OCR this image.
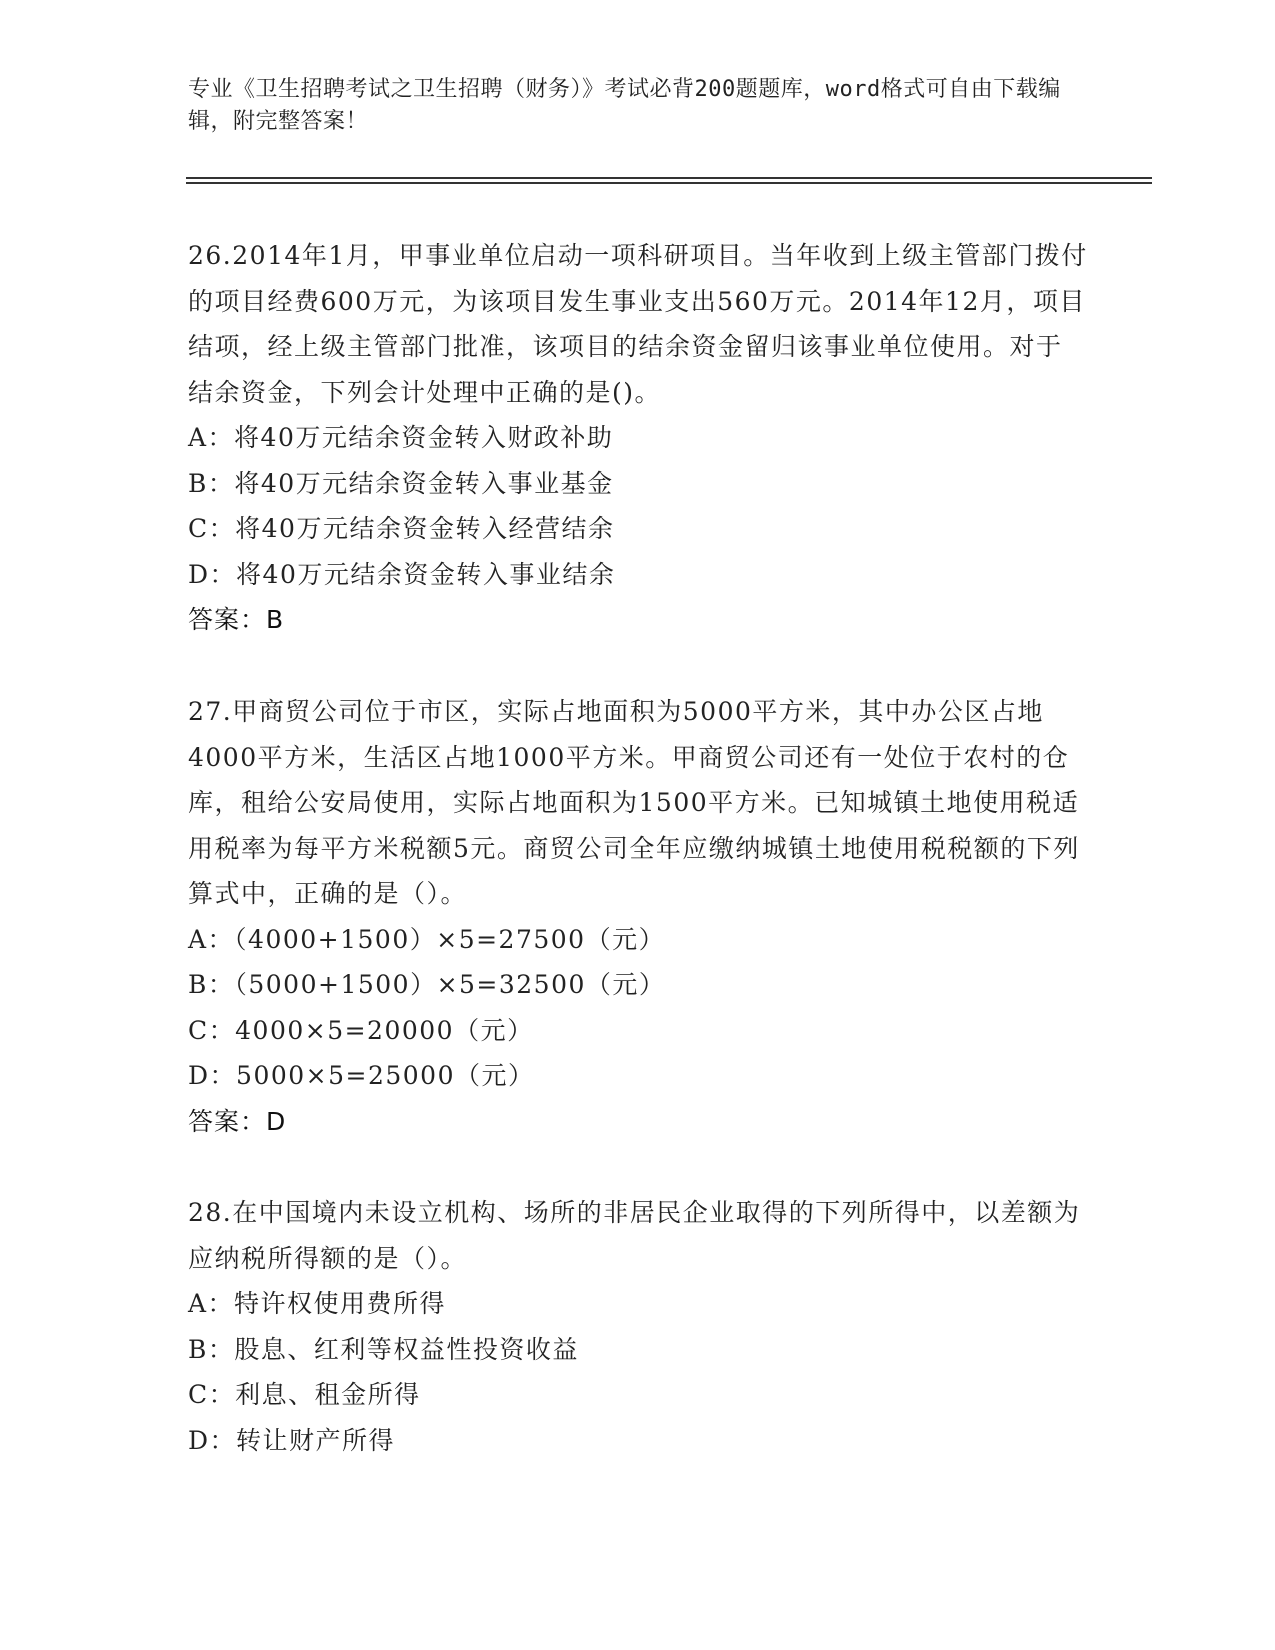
专业《卫生招聘考试之卫生招聘（财务）》考试必背200题题库，word格式可自由下载编辑，附完整答案！
26.2014年1月，甲事业单位启动一项科研项目。当年收到上级主管部门拨付的项目经费600万元，为该项目发生事业支出560万元。2014年12月，项目结项，经上级主管部门批准，该项目的结余资金留归该事业单位使用。对于结余资金，下列会计处理中正确的是()。
A：将40万元结余资金转入财政补助
B：将40万元结余资金转入事业基金
C：将40万元结余资金转入经营结余
D：将40万元结余资金转入事业结余
答案：B
27.甲商贸公司位于市区，实际占地面积为5000平方米，其中办公区占地4000平方米，生活区占地1000平方米。甲商贸公司还有一处位于农村的仓库，租给公安局使用，实际占地面积为1500平方米。已知城镇土地使用税适用税率为每平方米税额5元。商贸公司全年应缴纳城镇土地使用税税额的下列算式中，正确的是（）。
A：（4000+1500）×5=27500（元）
B：（5000+1500）×5=32500（元）
C：4000×5=20000（元）
D：5000×5=25000（元）
答案：D
28.在中国境内未设立机构、场所的非居民企业取得的下列所得中，以差额为应纳税所得额的是（）。
A：特许权使用费所得
B：股息、红利等权益性投资收益
C：利息、租金所得
D：转让财产所得
